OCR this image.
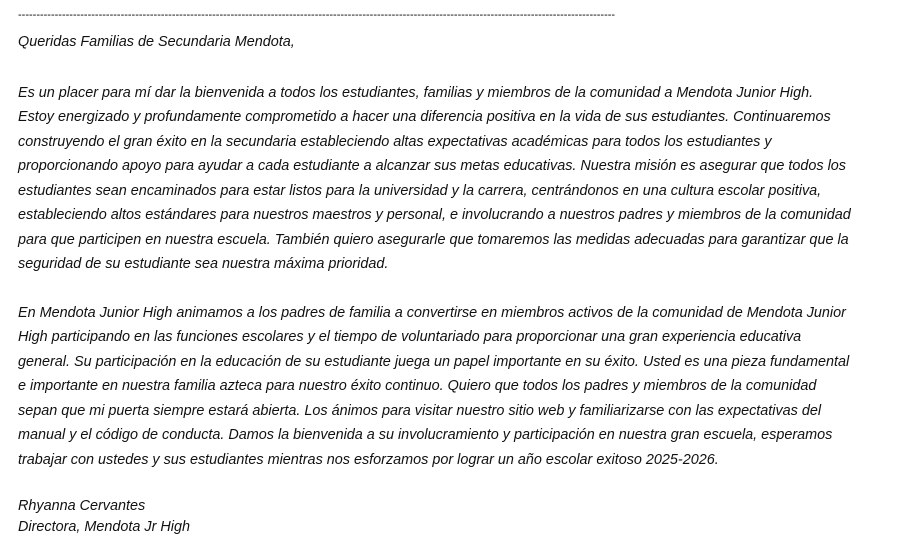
-------------------------------------------------------------------------------------------------------------------------------------------------------------------

Queridas Familias de Secundaria Mendota,

Es un placer para mí dar la bienvenida a todos los estudiantes, familias y miembros de la comunidad a Mendota Junior High. Estoy energizado y profundamente comprometido a hacer una diferencia positiva en la vida de sus estudiantes. Continuaremos construyendo el gran éxito en la secundaria estableciendo altas expectativas académicas para todos los estudiantes y proporcionando apoyo para ayudar a cada estudiante a alcanzar sus metas educativas. Nuestra misión es asegurar que todos los estudiantes sean encaminados para estar listos para la universidad y la carrera, centrándonos en una cultura escolar positiva, estableciendo altos estándares para nuestros maestros y personal, e involucrando a nuestros padres y miembros de la comunidad para que participen en nuestra escuela. También quiero asegurarle que tomaremos las medidas adecuadas para garantizar que la seguridad de su estudiante sea nuestra máxima prioridad.

En Mendota Junior High animamos a los padres de familia a convertirse en miembros activos de la comunidad de Mendota Junior High participando en las funciones escolares y el tiempo de voluntariado para proporcionar una gran experiencia educativa general. Su participación en la educación de su estudiante juega un papel importante en su éxito. Usted es una pieza fundamental e importante en nuestra familia azteca para nuestro éxito continuo. Quiero que todos los padres y miembros de la comunidad sepan que mi puerta siempre estará abierta. Los ánimos para visitar nuestro sitio web y familiarizarse con las expectativas del manual y el código de conducta. Damos la bienvenida a su involucramiento y participación en nuestra gran escuela, esperamos trabajar con ustedes y sus estudiantes mientras nos esforzamos por lograr un año escolar exitoso 2025-2026.

Rhyanna Cervantes

Directora, Mendota Jr High
